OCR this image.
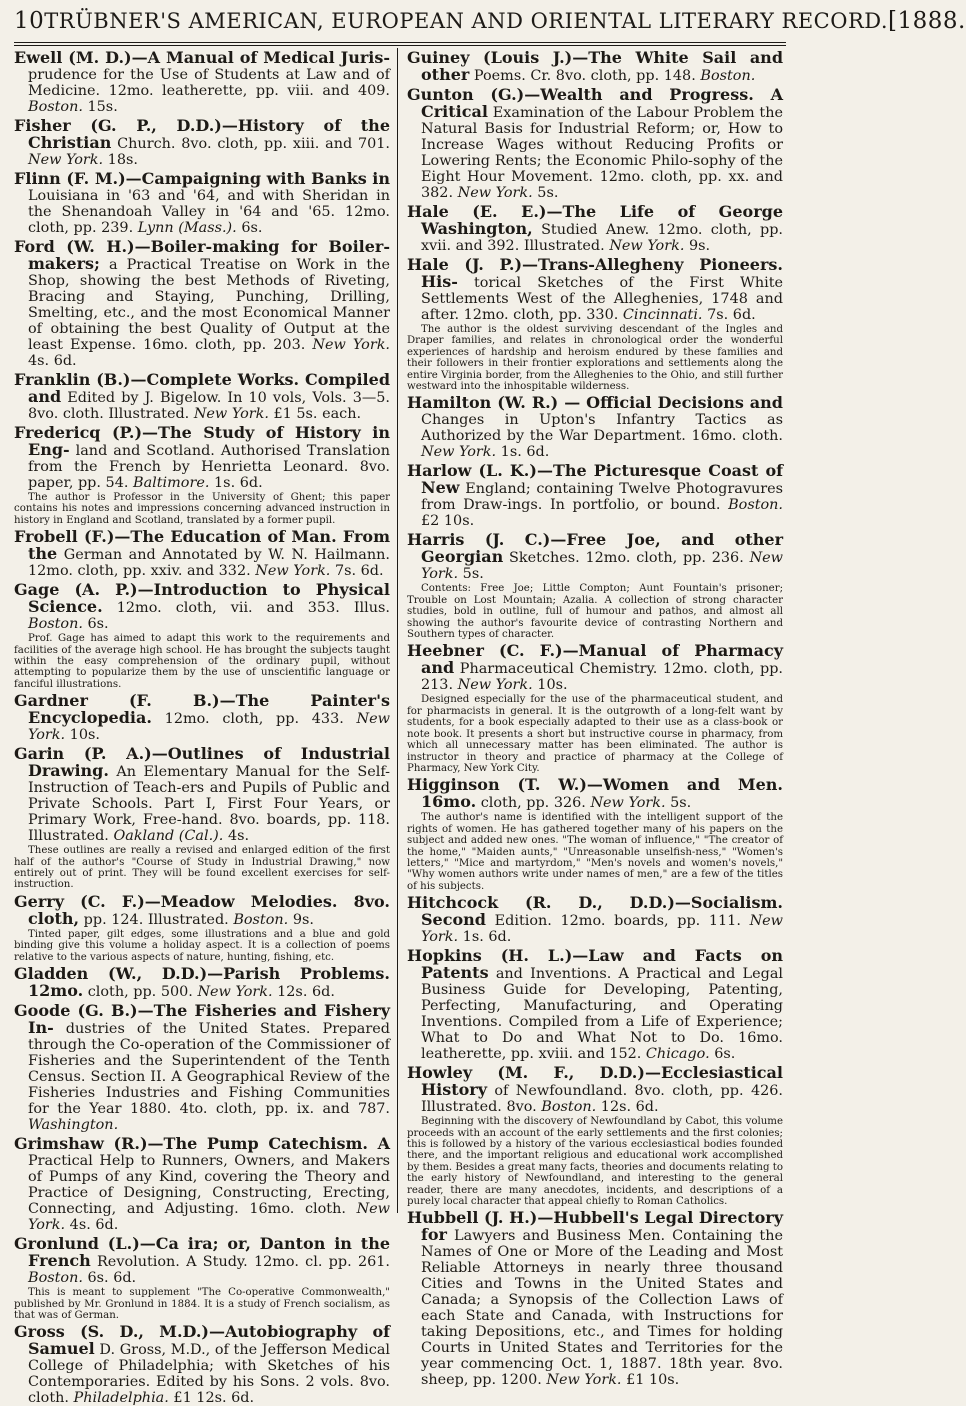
10 TRÜBNER'S AMERICAN, EUROPEAN AND ORIENTAL LITERARY RECORD. [1888.

Ewell (M. D.)—A Manual of Medical Juris- prudence for the Use of Students at Law and of Medicine. 12mo. leatherette, pp. viii. and 409. Boston. 15s.

Fisher (G. P., D.D.)—History of the Christian Church. 8vo. cloth, pp. xiii. and 701. New York. 18s.

Flinn (F. M.)—Campaigning with Banks in Louisiana in '63 and '64, and with Sheridan in the Shenandoah Valley in '64 and '65. 12mo. cloth, pp. 239. Lynn (Mass.). 6s.

Ford (W. H.)—Boiler-making for Boiler-makers; a Practical Treatise on Work in the Shop, showing the best Methods of Riveting, Bracing and Staying, Punching, Drilling, Smelting, etc., and the most Economical Manner of obtaining the best Quality of Output at the least Expense. 16mo. cloth, pp. 203. New York. 4s. 6d.

Franklin (B.)—Complete Works. Compiled and Edited by J. Bigelow. In 10 vols, Vols. 3—5. 8vo. cloth. Illustrated. New York. £1 5s. each.

Fredericq (P.)—The Study of History in Eng- land and Scotland. Authorised Translation from the French by Henrietta Leonard. 8vo. paper, pp. 54. Baltimore. 1s. 6d.

The author is Professor in the University of Ghent; this paper contains his notes and impressions concerning advanced instruction in history in England and Scotland, translated by a former pupil.

Frobell (F.)—The Education of Man. From the German and Annotated by W. N. Hailmann. 12mo. cloth, pp. xxiv. and 332. New York. 7s. 6d.

Gage (A. P.)—Introduction to Physical Science. 12mo. cloth, vii. and 353. Illus. Boston. 6s.

Prof. Gage has aimed to adapt this work to the requirements and facilities of the average high school. He has brought the subjects taught within the easy comprehension of the ordinary pupil, without attempting to popularize them by the use of unscientific language or fanciful illustrations.

Gardner (F. B.)—The Painter's Encyclopedia. 12mo. cloth, pp. 433. New York. 10s.

Garin (P. A.)—Outlines of Industrial Drawing. An Elementary Manual for the Self-Instruction of Teach-ers and Pupils of Public and Private Schools. Part I, First Four Years, or Primary Work, Free-hand. 8vo. boards, pp. 118. Illustrated. Oakland (Cal.). 4s.

These outlines are really a revised and enlarged edition of the first half of the author's "Course of Study in Industrial Drawing," now entirely out of print. They will be found excellent exercises for self-instruction.

Gerry (C. F.)—Meadow Melodies. 8vo. cloth, pp. 124. Illustrated. Boston. 9s.

Tinted paper, gilt edges, some illustrations and a blue and gold binding give this volume a holiday aspect. It is a collection of poems relative to the various aspects of nature, hunting, fishing, etc.

Gladden (W., D.D.)—Parish Problems. 12mo. cloth, pp. 500. New York. 12s. 6d.

Goode (G. B.)—The Fisheries and Fishery In- dustries of the United States. Prepared through the Co-operation of the Commissioner of Fisheries and the Superintendent of the Tenth Census. Section II. A Geographical Review of the Fisheries Industries and Fishing Communities for the Year 1880. 4to. cloth, pp. ix. and 787. Washington.

Grimshaw (R.)—The Pump Catechism. A Practical Help to Runners, Owners, and Makers of Pumps of any Kind, covering the Theory and Practice of Designing, Constructing, Erecting, Connecting, and Adjusting. 16mo. cloth. New York. 4s. 6d.

Gronlund (L.)—Ca ira; or, Danton in the French Revolution. A Study. 12mo. cl. pp. 261. Boston. 6s. 6d.

This is meant to supplement "The Co-operative Commonwealth," published by Mr. Gronlund in 1884. It is a study of French socialism, as that was of German.

Gross (S. D., M.D.)—Autobiography of Samuel D. Gross, M.D., of the Jefferson Medical College of Philadelphia; with Sketches of his Contemporaries. Edited by his Sons. 2 vols. 8vo. cloth. Philadelphia. £1 12s. 6d.

Guiney (Louis J.)—The White Sail and other Poems. Cr. 8vo. cloth, pp. 148. Boston.

Gunton (G.)—Wealth and Progress. A Critical Examination of the Labour Problem the Natural Basis for Industrial Reform; or, How to Increase Wages without Reducing Profits or Lowering Rents; the Economic Philo-sophy of the Eight Hour Movement. 12mo. cloth, pp. xx. and 382. New York. 5s.

Hale (E. E.)—The Life of George Washington, Studied Anew. 12mo. cloth, pp. xvii. and 392. Illustrated. New York. 9s.

Hale (J. P.)—Trans-Allegheny Pioneers. His- torical Sketches of the First White Settlements West of the Alleghenies, 1748 and after. 12mo. cloth, pp. 330. Cincinnati. 7s. 6d.

The author is the oldest surviving descendant of the Ingles and Draper families, and relates in chronological order the wonderful experiences of hardship and heroism endured by these families and their followers in their frontier explorations and settlements along the entire Virginia border, from the Alleghenies to the Ohio, and still further westward into the inhospitable wilderness.

Hamilton (W. R.) — Official Decisions and Changes in Upton's Infantry Tactics as Authorized by the War Department. 16mo. cloth. New York. 1s. 6d.

Harlow (L. K.)—The Picturesque Coast of New England; containing Twelve Photogravures from Draw-ings. In portfolio, or bound. Boston. £2 10s.

Harris (J. C.)—Free Joe, and other Georgian Sketches. 12mo. cloth, pp. 236. New York. 5s.

Contents: Free Joe; Little Compton; Aunt Fountain's prisoner; Trouble on Lost Mountain; Azalia. A collection of strong character studies, bold in outline, full of humour and pathos, and almost all showing the author's favourite device of contrasting Northern and Southern types of character.

Heebner (C. F.)—Manual of Pharmacy and Pharmaceutical Chemistry. 12mo. cloth, pp. 213. New York. 10s.

Designed especially for the use of the pharmaceutical student, and for pharmacists in general. It is the outgrowth of a long-felt want by students, for a book especially adapted to their use as a class-book or note book. It presents a short but instructive course in pharmacy, from which all unnecessary matter has been eliminated. The author is instructor in theory and practice of pharmacy at the College of Pharmacy, New York City.

Higginson (T. W.)—Women and Men. 16mo. cloth, pp. 326. New York. 5s.

The author's name is identified with the intelligent support of the rights of women. He has gathered together many of his papers on the subject and added new ones. "The woman of influence," "The creator of the home," "Maiden aunts," "Unreasonable unselfish-ness," "Women's letters," "Mice and martyrdom," "Men's novels and women's novels," "Why women authors write under names of men," are a few of the titles of his subjects.

Hitchcock (R. D., D.D.)—Socialism. Second Edition. 12mo. boards, pp. 111. New York. 1s. 6d.

Hopkins (H. L.)—Law and Facts on Patents and Inventions. A Practical and Legal Business Guide for Developing, Patenting, Perfecting, Manufacturing, and Operating Inventions. Compiled from a Life of Experience; What to Do and What Not to Do. 16mo. leatherette, pp. xviii. and 152. Chicago. 6s.

Howley (M. F., D.D.)—Ecclesiastical History of Newfoundland. 8vo. cloth, pp. 426. Illustrated. 8vo. Boston. 12s. 6d.

Beginning with the discovery of Newfoundland by Cabot, this volume proceeds with an account of the early settlements and the first colonies; this is followed by a history of the various ecclesiastical bodies founded there, and the important religious and educational work accomplished by them. Besides a great many facts, theories and documents relating to the early history of Newfoundland, and interesting to the general reader, there are many anecdotes, incidents, and descriptions of a purely local character that appeal chiefly to Roman Catholics.

Hubbell (J. H.)—Hubbell's Legal Directory for Lawyers and Business Men. Containing the Names of One or More of the Leading and Most Reliable Attorneys in nearly three thousand Cities and Towns in the United States and Canada; a Synopsis of the Collection Laws of each State and Canada, with Instructions for taking Depositions, etc., and Times for holding Courts in United States and Territories for the year commencing Oct. 1, 1887. 18th year. 8vo. sheep, pp. 1200. New York. £1 10s.
